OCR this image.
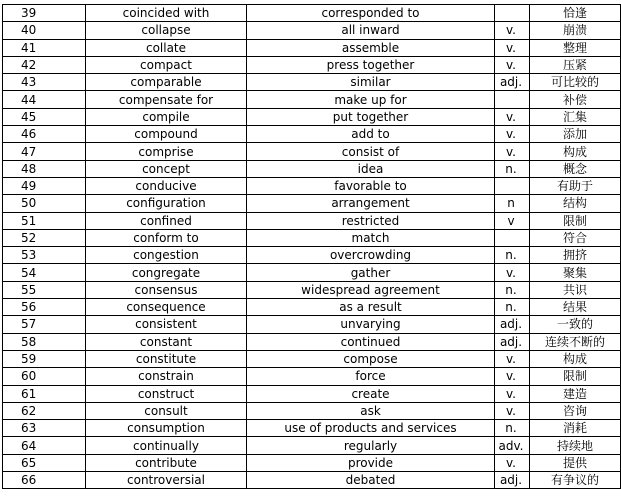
39	coincided with	corresponded to		恰逢
40	collapse	all inward	v.	崩溃
41	collate	assemble	v.	整理
42	compact	press together	v.	压紧
43	comparable	similar	adj.	可比较的
44	compensate for	make up for		补偿
45	compile	put together	v.	汇集
46	compound	add to	v.	添加
47	comprise	consist of	v.	构成
48	concept	idea	n.	概念
49	conducive	favorable to		有助于
50	configuration	arrangement	n	结构
51	confined	restricted	v	限制
52	conform to	match		符合
53	congestion	overcrowding	n.	拥挤
54	congregate	gather	v.	聚集
55	consensus	widespread agreement	n.	共识
56	consequence	as a result	n.	结果
57	consistent	unvarying	adj.	一致的
58	constant	continued	adj.	连续不断的
59	constitute	compose	v.	构成
60	constrain	force	v.	限制
61	construct	create	v.	建造
62	consult	ask	v.	咨询
63	consumption	use of products and services	n.	消耗
64	continually	regularly	adv.	持续地
65	contribute	provide	v.	提供
66	controversial	debated	adj.	有争议的
